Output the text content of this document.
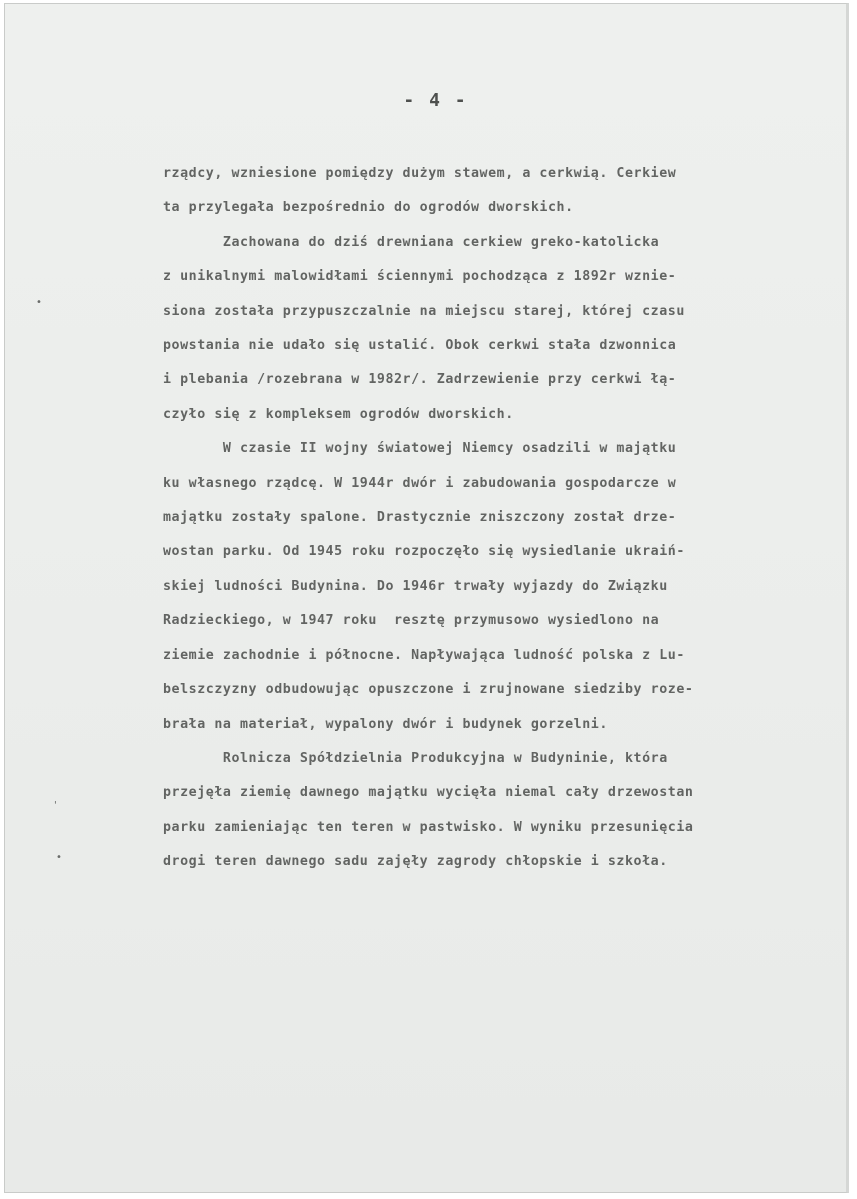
- 4 -
rządcy, wzniesione pomiędzy dużym stawem, a cerkwią. Cerkiew
ta przylegała bezpośrednio do ogrodów dworskich.
Zachowana do dziś drewniana cerkiew greko-katolicka
z unikalnymi malowidłami ściennymi pochodząca z 1892r wznie-
siona została przypuszczalnie na miejscu starej, której czasu
powstania nie udało się ustalić. Obok cerkwi stała dzwonnica
i plebania /rozebrana w 1982r/. Zadrzewienie przy cerkwi łą-
czyło się z kompleksem ogrodów dworskich.
W czasie II wojny światowej Niemcy osadzili w majątku
ku własnego rządcę. W 1944r dwór i zabudowania gospodarcze w
majątku zostały spalone. Drastycznie zniszczony został drze-
wostan parku. Od 1945 roku rozpoczęło się wysiedlanie ukraiń-
skiej ludności Budynina. Do 1946r trwały wyjazdy do Związku
Radzieckiego, w 1947 roku  resztę przymusowo wysiedlono na
ziemie zachodnie i północne. Napływająca ludność polska z Lu-
belszczyzny odbudowując opuszczone i zrujnowane siedziby roze-
brała na materiał, wypalony dwór i budynek gorzelni.
Rolnicza Spółdzielnia Produkcyjna w Budyninie, która
przejęła ziemię dawnego majątku wycięła niemal cały drzewostan
parku zamieniając ten teren w pastwisko. W wyniku przesunięcia
drogi teren dawnego sadu zajęły zagrody chłopskie i szkoła.
•
'
•
